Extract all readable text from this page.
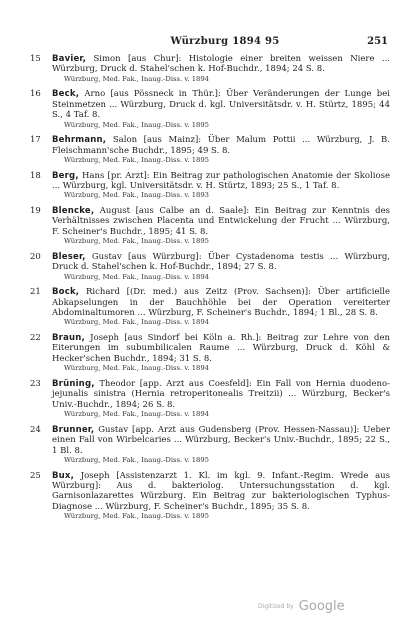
Würzburg 1894 95	251
15 Bavier, Simon [aus Chur]: Histologie einer breiten weissen Niere ... Würzburg, Druck d. Stahel'schen k. Hof-Buchdr., 1894; 24 S. 8.
Würzburg, Med. Fak., Inaug.-Diss. v. 1894
16 Beck, Arno [aus Pössneck in Thür.]: Über Veränderungen der Lunge bei Steinmetzen ... Würzburg, Druck d. kgl. Universitätsdr. v. H. Stürtz, 1895; 44 S., 4 Taf. 8.
Würzburg, Med. Fak., Inaug.-Diss. v. 1895
17 Behrmann, Salon [aus Mainz]: Über Malum Pottii ... Würzburg, J. B. Fleischmann'sche Buchdr., 1895; 49 S. 8.
Würzburg, Med. Fak., Inaug.-Diss. v. 1895
18 Berg, Hans [pr. Arzt]: Ein Beitrag zur pathologischen Anatomie der Skoliose ... Würzburg, kgl. Universitätsdr. v. H. Stürtz, 1893; 25 S., 1 Taf. 8.
Würzburg, Med. Fak., Inaug.-Diss. v. 1893
19 Blencke, August [aus Calbe an d. Saale]: Ein Beitrag zur Kenntnis des Verhältnisses zwischen Placenta und Entwickelung der Frucht ... Würzburg, F. Scheiner's Buchdr., 1895; 41 S. 8.
Würzburg, Med. Fak., Inaug.-Diss. v. 1895
20 Bleser, Gustav [aus Würzburg]: Über Cystadenoma testis ... Würzburg, Druck d. Stahel'schen k. Hof-Buchdr., 1894; 27 S. 8.
Würzburg, Med. Fak., Inaug.-Diss. v. 1894
21 Bock, Richard [(Dr. med.) aus Zeitz (Prov. Sachsen)]: Über artificielle Abkapselungen in der Bauchhöhle bei der Operation vereiterter Abdominaltumoren ... Würzburg, F. Scheiner's Buchdr., 1894; 1 Bl., 28 S. 8.
Würzburg, Med. Fak., Inaug.-Diss. v. 1894
22 Braun, Joseph [aus Sindorf bei Köln a. Rh.]: Beitrag zur Lehre von den Eiterungen im subumbilicalen Raume ... Würzburg, Druck d. Köhl & Hecker'schen Buchdr., 1894; 31 S. 8.
Würzburg, Med. Fak., Inaug.-Diss. v. 1894
23 Brüning, Theodor [app. Arzt aus Coesfeld]: Ein Fall von Hernia duodeno-jejunalis sinistra (Hernia retroperitonealis Treitzii) ... Würzburg, Becker's Univ.-Buchdr., 1894; 26 S. 8.
Würzburg, Med. Fak., Inaug.-Diss. v. 1894
24 Brunner, Gustav [app. Arzt aus Gudensberg (Prov. Hessen-Nassau)]: Ueber einen Fall von Wirbelcaries ... Würzburg, Becker's Univ.-Buchdr., 1895; 22 S., 1 Bl. 8.
Würzburg, Med. Fak., Inaug.-Diss. v. 1895
25 Bux, Joseph [Assistenzarzt 1. Kl. im kgl. 9. Infant.-Regim. Wrede aus Würzburg]: Aus d. bakteriolog. Untersuchungsstation d. kgl. Garnisonlazarettes Würzburg. Ein Beitrag zur bakteriologischen Typhus-Diagnose ... Würzburg, F. Scheiner's Buchdr., 1895; 35 S. 8.
Würzburg, Med. Fak., Inaug.-Diss. v. 1895
Digitized by Google
